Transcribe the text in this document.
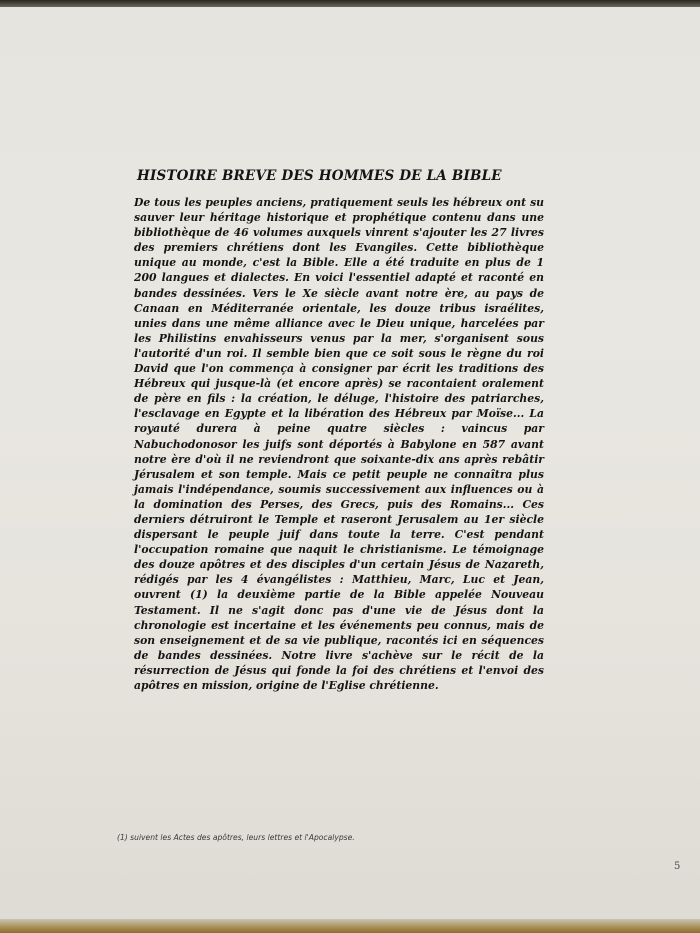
HISTOIRE BREVE DES HOMMES DE LA BIBLE

De tous les peuples anciens, pratiquement seuls les hébreux ont su sauver leur héritage historique et prophétique contenu dans une bibliothèque de 46 volumes auxquels vinrent s'ajouter les 27 livres des premiers chrétiens dont les Evangiles. Cette bibliothèque unique au monde, c'est la Bible. Elle a été traduite en plus de 1 200 langues et dialectes. En voici l'essentiel adapté et raconté en bandes dessinées. Vers le Xe siècle avant notre ère, au pays de Canaan en Méditerranée orientale, les douze tribus israélites, unies dans une même alliance avec le Dieu unique, harcelées par les Philistins envahisseurs venus par la mer, s'organisent sous l'autorité d'un roi. Il semble bien que ce soit sous le règne du roi David que l'on commença à consigner par écrit les traditions des Hébreux qui jusque-là (et encore après) se racontaient oralement de père en fils : la création, le déluge, l'histoire des patriarches, l'esclavage en Egypte et la libération des Hébreux par Moïse... La royauté durera à peine quatre siècles : vaincus par Nabuchodonosor les juifs sont déportés à Babylone en 587 avant notre ère d'où il ne reviendront que soixante-dix ans après rebâtir Jérusalem et son temple. Mais ce petit peuple ne connaîtra plus jamais l'indépendance, soumis successivement aux influences ou à la domination des Perses, des Grecs, puis des Romains... Ces derniers détruiront le Temple et raseront Jerusalem au 1er siècle dispersant le peuple juif dans toute la terre. C'est pendant l'occupation romaine que naquit le christianisme. Le témoignage des douze apôtres et des disciples d'un certain Jésus de Nazareth, rédigés par les 4 évangélistes : Matthieu, Marc, Luc et Jean, ouvrent (1) la deuxième partie de la Bible appelée Nouveau Testament. Il ne s'agit donc pas d'une vie de Jésus dont la chronologie est incertaine et les événements peu connus, mais de son enseignement et de sa vie publique, racontés ici en séquences de bandes dessinées. Notre livre s'achève sur le récit de la résurrection de Jésus qui fonde la foi des chrétiens et l'envoi des apôtres en mission, origine de l'Eglise chrétienne.

(1) suivent les Actes des apôtres, leurs lettres et l'Apocalypse.

5
